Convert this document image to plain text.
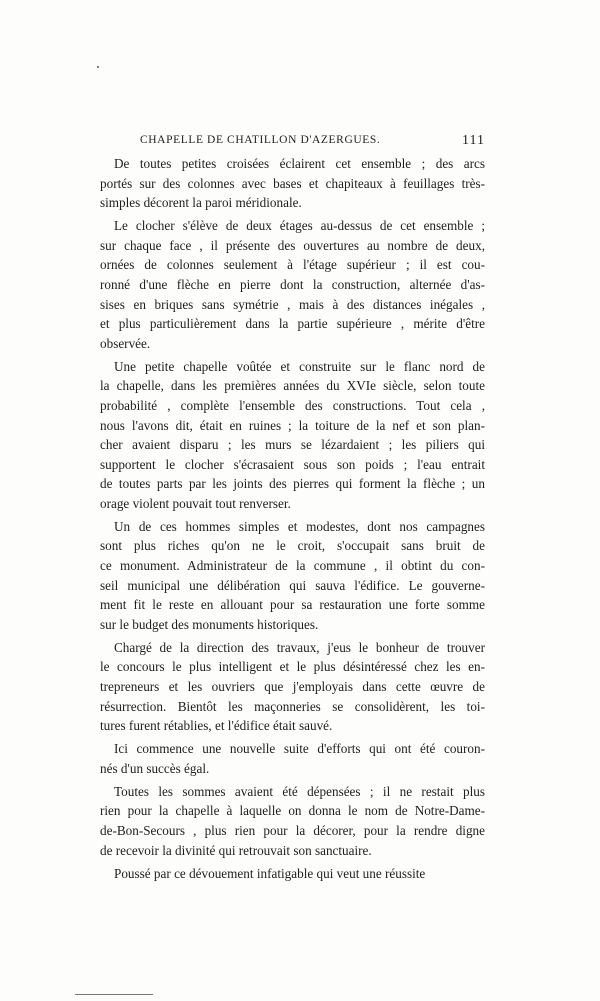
CHAPELLE DE CHATILLON D'AZERGUES.	111
De toutes petites croisées éclairent cet ensemble ; des arcs
portés sur des colonnes avec bases et chapiteaux à feuillages très-
simples décorent la paroi méridionale.
Le clocher s'élève de deux étages au-dessus de cet ensemble ;
sur chaque face , il présente des ouvertures au nombre de deux,
ornées de colonnes seulement à l'étage supérieur ; il est cou-
ronné d'une flèche en pierre dont la construction, alternée d'as-
sises en briques sans symétrie , mais à des distances inégales ,
et plus particulièrement dans la partie supérieure , mérite d'être
observée.
Une petite chapelle voûtée et construite sur le flanc nord de
la chapelle, dans les premières années du XVIe siècle, selon toute
probabilité , complète l'ensemble des constructions. Tout cela ,
nous l'avons dit, était en ruines ; la toiture de la nef et son plan-
cher avaient disparu ; les murs se lézardaient ; les piliers qui
supportent le clocher s'écrasaient sous son poids ; l'eau entrait
de toutes parts par les joints des pierres qui forment la flèche ; un
orage violent pouvait tout renverser.
Un de ces hommes simples et modestes, dont nos campagnes
sont plus riches qu'on ne le croit, s'occupait sans bruit de
ce monument. Administrateur de la commune , il obtint du con-
seil municipal une délibération qui sauva l'édifice. Le gouverne-
ment fit le reste en allouant pour sa restauration une forte somme
sur le budget des monuments historiques.
Chargé de la direction des travaux, j'eus le bonheur de trouver
le concours le plus intelligent et le plus désintéressé chez les en-
trepreneurs et les ouvriers que j'employais dans cette œuvre de
résurrection. Bientôt les maçonneries se consolidèrent, les toi-
tures furent rétablies, et l'édifice était sauvé.
Ici commence une nouvelle suite d'efforts qui ont été couron-
nés d'un succès égal.
Toutes les sommes avaient été dépensées ; il ne restait plus
rien pour la chapelle à laquelle on donna le nom de Notre-Dame-
de-Bon-Secours , plus rien pour la décorer, pour la rendre digne
de recevoir la divinité qui retrouvait son sanctuaire.
Poussé par ce dévouement infatigable qui veut une réussite
